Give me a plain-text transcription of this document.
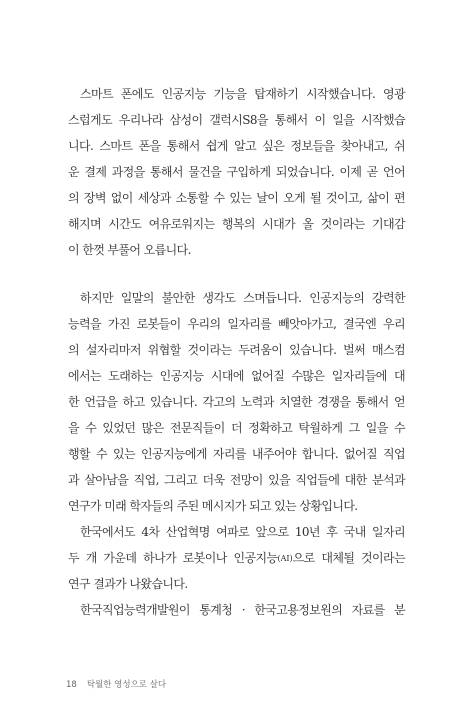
스마트 폰에도 인공지능 기능을 탑재하기 시작했습니다. 영광
스럽게도 우리나라 삼성이 갤럭시S8을 통해서 이 일을 시작했습
니다. 스마트 폰을 통해서 쉽게 알고 싶은 정보들을 찾아내고, 쉬
운 결제 과정을 통해서 물건을 구입하게 되었습니다. 이제 곧 언어
의 장벽 없이 세상과 소통할 수 있는 날이 오게 될 것이고, 삶이 편
해지며 시간도 여유로워지는 행복의 시대가 올 것이라는 기대감
이 한껏 부풀어 오릅니다.
하지만 일말의 불안한 생각도 스며듭니다. 인공지능의 강력한
능력을 가진 로봇들이 우리의 일자리를 빼앗아가고, 결국엔 우리
의 설자리마저 위협할 것이라는 두려움이 있습니다. 벌써 매스컴
에서는 도래하는 인공지능 시대에 없어질 수많은 일자리들에 대
한 언급을 하고 있습니다. 각고의 노력과 치열한 경쟁을 통해서 얻
을 수 있었던 많은 전문직들이 더 정확하고 탁월하게 그 일을 수
행할 수 있는 인공지능에게 자리를 내주어야 합니다. 없어질 직업
과 살아남을 직업, 그리고 더욱 전망이 있을 직업들에 대한 분석과
연구가 미래 학자들의 주된 메시지가 되고 있는 상황입니다.
한국에서도 4차 산업혁명 여파로 앞으로 10년 후 국내 일자리
두 개 가운데 하나가 로봇이나 인공지능(AI)으로 대체될 것이라는
연구 결과가 나왔습니다.
한국직업능력개발원이 통계청 · 한국고용정보원의 자료를 분
18 탁월한 영성으로 살다
